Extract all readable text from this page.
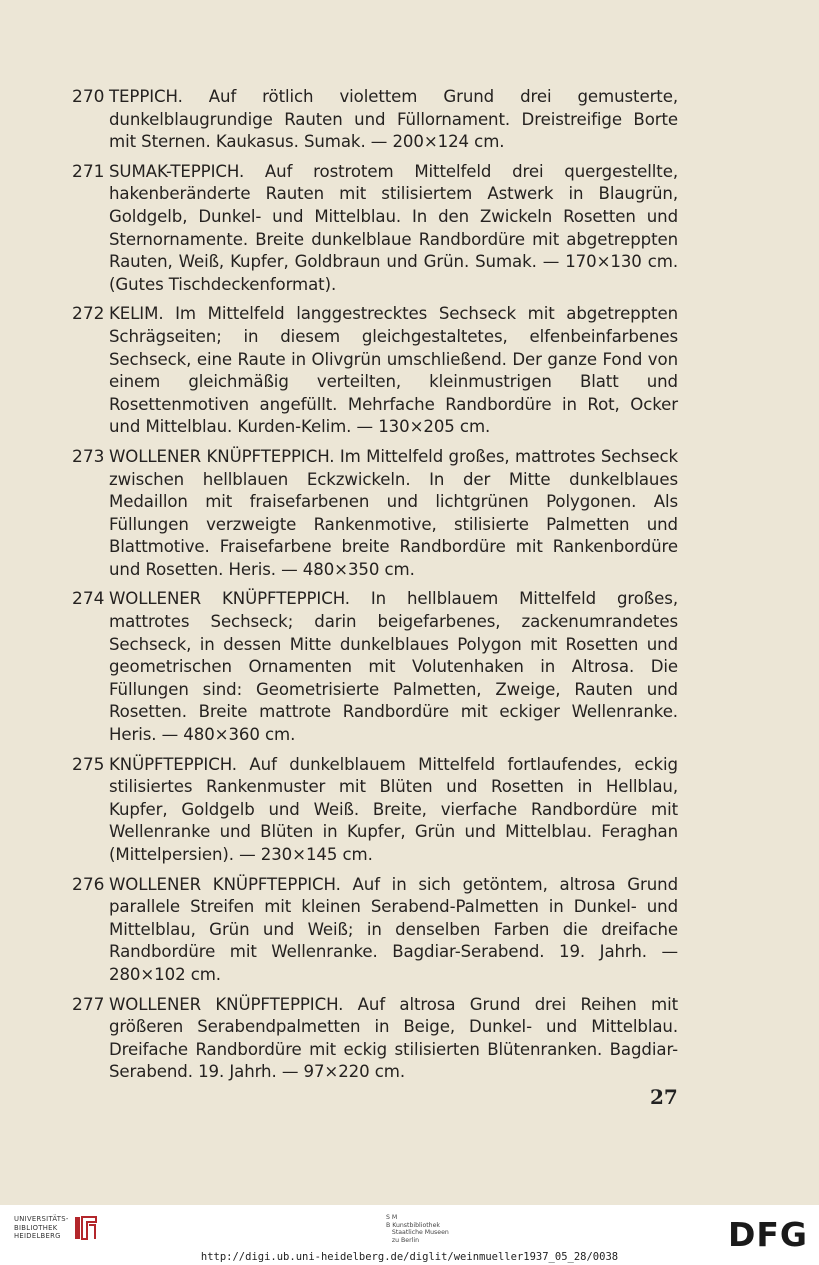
270 TEPPICH. Auf rötlich violettem Grund drei gemusterte, dunkelblaugrundige Rauten und Füllornament. Dreistreifige Borte mit Sternen. Kaukasus. Sumak. — 200×124 cm.
271 SUMAK-TEPPICH. Auf rostrotem Mittelfeld drei quergestellte, hakenberänderte Rauten mit stilisiertem Astwerk in Blaugrün, Goldgelb, Dunkel- und Mittelblau. In den Zwickeln Rosetten und Sternornamente. Breite dunkelblaue Randbordüre mit abgetreppten Rauten, Weiß, Kupfer, Goldbraun und Grün. Sumak. — 170×130 cm. (Gutes Tischdeckenformat).
272 KELIM. Im Mittelfeld langgestrecktes Sechseck mit abgetreppten Schrägseiten; in diesem gleichgestaltetes, elfenbeinfarbenes Sechseck, eine Raute in Olivgrün umschließend. Der ganze Fond von einem gleichmäßig verteilten, kleinmustrigen Blatt und Rosettenmotiven angefüllt. Mehrfache Randbordüre in Rot, Ocker und Mittelblau. Kurden-Kelim. — 130×205 cm.
273 WOLLENER KNÜPFTEPPICH. Im Mittelfeld großes, mattrotes Sechseck zwischen hellblauen Eckzwickeln. In der Mitte dunkelblaues Medaillon mit fraisefarbenen und lichtgrünen Polygonen. Als Füllungen verzweigte Rankenmotive, stilisierte Palmetten und Blattmotive. Fraisefarbene breite Randbordüre mit Rankenbordüre und Rosetten. Heris. — 480×350 cm.
274 WOLLENER KNÜPFTEPPICH. In hellblauem Mittelfeld großes, mattrotes Sechseck; darin beigefarbenes, zackenumrandetes Sechseck, in dessen Mitte dunkelblaues Polygon mit Rosetten und geometrischen Ornamenten mit Volutenhaken in Altrosa. Die Füllungen sind: Geometrisierte Palmetten, Zweige, Rauten und Rosetten. Breite mattrote Randbordüre mit eckiger Wellenranke. Heris. — 480×360 cm.
275 KNÜPFTEPPICH. Auf dunkelblauem Mittelfeld fortlaufendes, eckig stilisiertes Rankenmuster mit Blüten und Rosetten in Hellblau, Kupfer, Goldgelb und Weiß. Breite, vierfache Randbordüre mit Wellenranke und Blüten in Kupfer, Grün und Mittelblau. Feraghan (Mittelpersien). — 230×145 cm.
276 WOLLENER KNÜPFTEPPICH. Auf in sich getöntem, altrosa Grund parallele Streifen mit kleinen Serabend-Palmetten in Dunkel- und Mittelblau, Grün und Weiß; in denselben Farben die dreifache Randbordüre mit Wellenranke. Bagdiar-Serabend. 19. Jahrh. — 280×102 cm.
277 WOLLENER KNÜPFTEPPICH. Auf altrosa Grund drei Reihen mit größeren Serabendpalmetten in Beige, Dunkel- und Mittelblau. Dreifache Randbordüre mit eckig stilisierten Blütenranken. Bagdiar-Serabend. 19. Jahrh. — 97×220 cm.
27
UNIVERSITÄTS-
BIBLIOTHEK
HEIDELBERG
S M
B Kunstbibliothek
Staatliche Museen
zu Berlin	DFG
http://digi.ub.uni-heidelberg.de/diglit/weinmueller1937_05_28/0038
